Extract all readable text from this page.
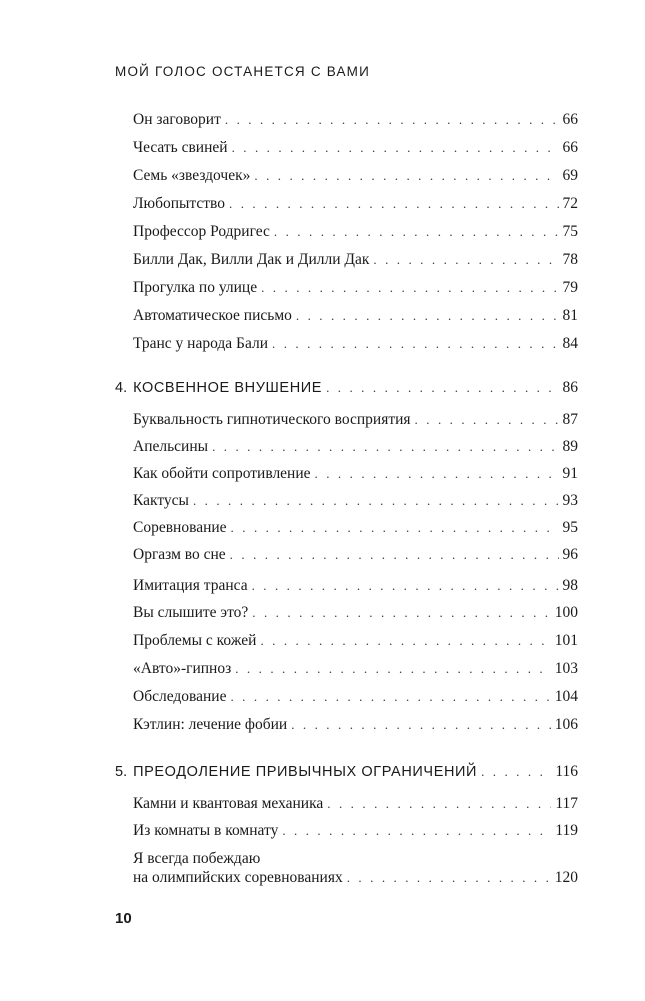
МОЙ ГОЛОС ОСТАНЕТСЯ С ВАМИ
Он заговорит . . .	66
Чесать свиней . . .	66
Семь «звездочек» . . .	69
Любопытство . . .	72
Профессор Родригес . . .	75
Билли Дак, Вилли Дак и Дилли Дак . . .	78
Прогулка по улице . . .	79
Автоматическое письмо . . .	81
Транс у народа Бали . . .	84
4. КОСВЕННОЕ ВНУШЕНИЕ . . .	86
Буквальность гипнотического восприятия . . .	87
Апельсины . . .	89
Как обойти сопротивление . . .	91
Кактусы . . .	93
Соревнование . . .	95
Оргазм во сне . . .	96
Имитация транса . . .	98
Вы слышите это? . . .	100
Проблемы с кожей . . .	101
«Авто»-гипноз . . .	103
Обследование . . .	104
Кэтлин: лечение фобии . . .	106
5. ПРЕОДОЛЕНИЕ ПРИВЫЧНЫХ ОГРАНИЧЕНИЙ . . .	116
Камни и квантовая механика . . .	117
Из комнаты в комнату . . .	119
Я всегда побеждаю
на олимпийских соревнованиях . . .	120
10
